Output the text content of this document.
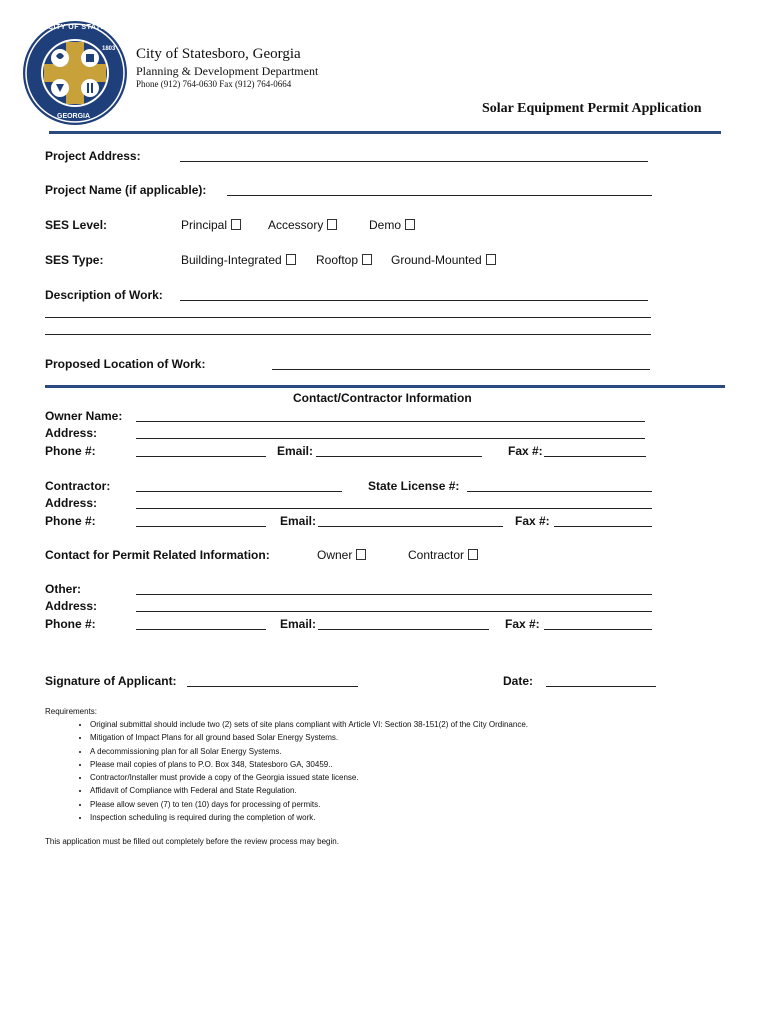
CITY OF STATESBORO
1803
GEORGIA
City of Statesboro, Georgia
Planning & Development Department
Phone (912) 764-0630 Fax (912) 764-0664
Solar Equipment Permit Application
Project Address:
Project Name (if applicable):
SES Level:	Principal	Accessory	Demo
SES Type:	Building-Integrated	Rooftop	Ground-Mounted
Description of Work:
Proposed Location of Work:
Contact/Contractor Information
Owner Name:
Address:
Phone #:	Email:	Fax #:
Contractor:	State License #:
Address:
Phone #:	Email:	Fax #:
Contact for Permit Related Information:	Owner	Contractor
Other:
Address:
Phone #:	Email:	Fax #:
Signature of Applicant:	Date:
Requirements:
• Original submittal should include two (2) sets of site plans compliant with Article VI: Section 38-151(2) of the City Ordinance.
• Mitigation of Impact Plans for all ground based Solar Energy Systems.
• A decommissioning plan for all Solar Energy Systems.
• Please mail copies of plans to P.O. Box 348, Statesboro GA, 30459..
• Contractor/Installer must provide a copy of the Georgia issued state license.
• Affidavit of Compliance with Federal and State Regulation.
• Please allow seven (7) to ten (10) days for processing of permits.
• Inspection scheduling is required during the completion of work.
This application must be filled out completely before the review process may begin.
